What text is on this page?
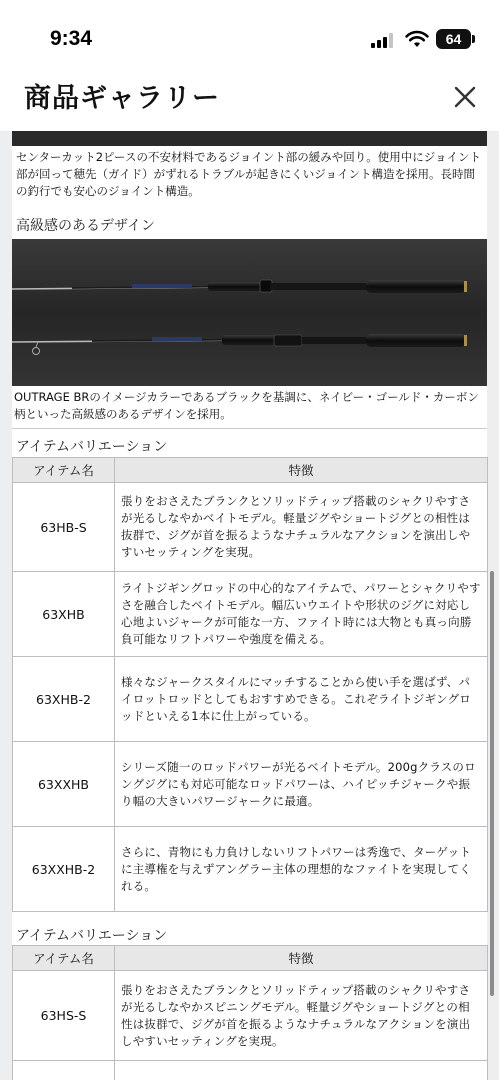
9:34	64
商品ギャラリー

センターカット2ピースの不安材料であるジョイント部の緩みや回り。使用中にジョイント部が回って穂先（ガイド）がずれるトラブルが起きにくいジョイント構造を採用。長時間の釣行でも安心のジョイント構造。

高級感のあるデザイン

OUTRAGE BRのイメージカラーであるブラックを基調に、ネイビー・ゴールド・カーボン柄といった高級感のあるデザインを採用。

アイテムバリエーション
アイテム名	特徴
63HB-S	張りをおさえたブランクとソリッドティップ搭載のシャクリやすさが光るしなやかベイトモデル。軽量ジグやショートジグとの相性は抜群で、ジグが首を振るようなナチュラルなアクションを演出しやすいセッティングを実現。
63XHB	ライトジギングロッドの中心的なアイテムで、パワーとシャクリやすさを融合したベイトモデル。幅広いウエイトや形状のジグに対応し心地よいジャークが可能な一方、ファイト時には大物とも真っ向勝負可能なリフトパワーや強度を備える。
63XHB-2	様々なジャークスタイルにマッチすることから使い手を選ばず、パイロットロッドとしてもおすすめできる。これぞライトジギングロッドといえる1本に仕上がっている。
63XXHB	シリーズ随一のロッドパワーが光るベイトモデル。200gクラスのロングジグにも対応可能なロッドパワーは、ハイピッチジャークや振り幅の大きいパワージャークに最適。
63XXHB-2	さらに、青物にも力負けしないリフトパワーは秀逸で、ターゲットに主導権を与えずアングラー主体の理想的なファイトを実現してくれる。
アイテムバリエーション
アイテム名	特徴
63HS-S	張りをおさえたブランクとソリッドティップ搭載のシャクリやすさが光るしなやかスピニングモデル。軽量ジグやショートジグとの相性は抜群で、ジグが首を振るようなナチュラルなアクションを演出しやすいセッティングを実現。
